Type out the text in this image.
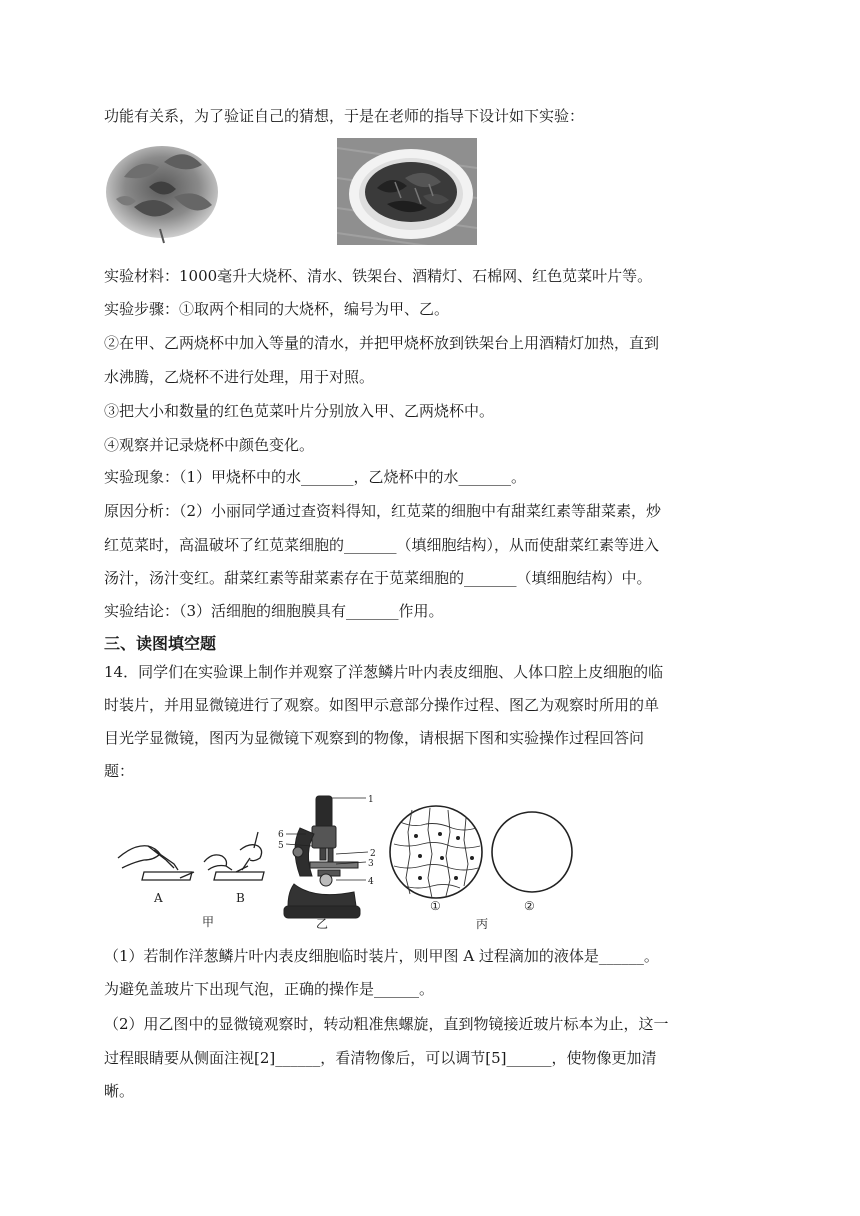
功能有关系，为了验证自己的猜想，于是在老师的指导下设计如下实验：
实验材料：1000毫升大烧杯、清水、铁架台、酒精灯、石棉网、红色苋菜叶片等。
实验步骤：①取两个相同的大烧杯，编号为甲、乙。
②在甲、乙两烧杯中加入等量的清水，并把甲烧杯放到铁架台上用酒精灯加热，直到
水沸腾，乙烧杯不进行处理，用于对照。
③把大小和数量的红色苋菜叶片分别放入甲、乙两烧杯中。
④观察并记录烧杯中颜色变化。
实验现象：（1）甲烧杯中的水_______，乙烧杯中的水_______。
原因分析：（2）小丽同学通过查资料得知，红苋菜的细胞中有甜菜红素等甜菜素，炒
红苋菜时，高温破坏了红苋菜细胞的_______（填细胞结构），从而使甜菜红素等进入
汤汁，汤汁变红。甜菜红素等甜菜素存在于苋菜细胞的_______（填细胞结构）中。
实验结论：（3）活细胞的细胞膜具有_______作用。
三、读图填空题
14．同学们在实验课上制作并观察了洋葱鳞片叶内表皮细胞、人体口腔上皮细胞的临
时装片，并用显微镜进行了观察。如图甲示意部分操作过程、图乙为观察时所用的单
目光学显微镜，图丙为显微镜下观察到的物像，请根据下图和实验操作过程回答问
题：
A	B
甲
1
2
3
4
6
5
乙
①	②
丙
（1）若制作洋葱鳞片叶内表皮细胞临时装片，则甲图 A 过程滴加的液体是______。
为避免盖玻片下出现气泡，正确的操作是______。
（2）用乙图中的显微镜观察时，转动粗准焦螺旋，直到物镜接近玻片标本为止，这一
过程眼睛要从侧面注视[2]______，看清物像后，可以调节[5]______，使物像更加清
晰。
